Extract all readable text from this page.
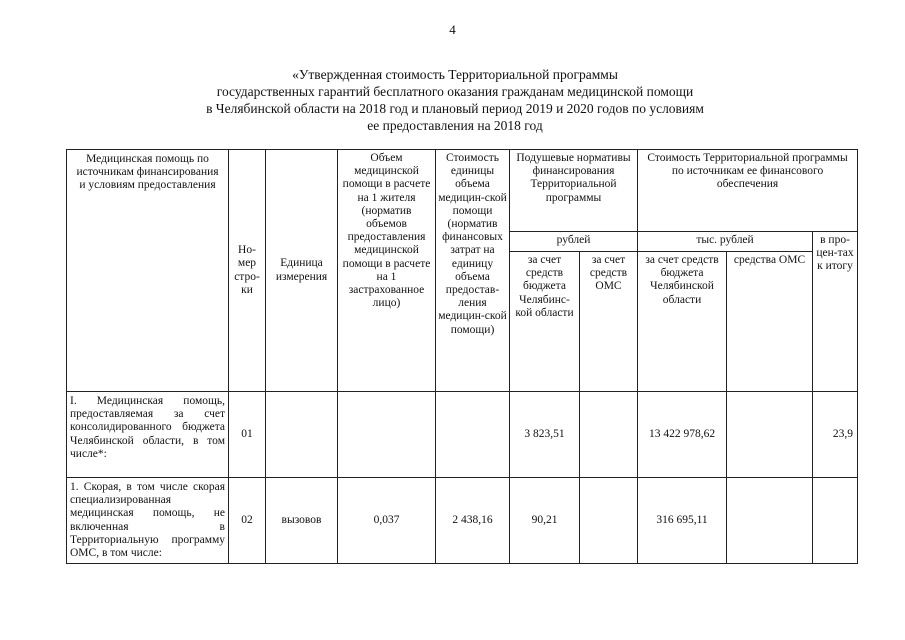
4
«Утвержденная стоимость Территориальной программы
государственных гарантий бесплатного оказания гражданам медицинской помощи
в Челябинской области на 2018 год и плановый период 2019 и 2020 годов по условиям
ее предоставления на 2018 год
Медицинская помощь по источникам финансирования и условиям предоставления	Но-мер стро-ки	Единица измерения	Объем медицинской помощи в расчете на 1 жителя (норматив объемов предоставления медицинской помощи в расчете на 1 застрахованное лицо)	Стоимость единицы объема медицин-ской помощи (норматив финансовых затрат на единицу объема предостав-ления медицин-ской помощи)	Подушевые нормативы финансирования Территориальной программы		Стоимость Территориальной программы по источникам ее финансового обеспечения		
					рублей		тыс. рублей		в про-цен-тах к итогу
					за счет средств бюджета Челябинс-кой области	за счет средств ОМС	за счет средств бюджета Челябинской области	средства ОМС	
I. Медицинская помощь, предоставляемая за счет консолидированного бюджета Челябинской области, в том числе*:	01				3 823,51		13 422 978,62		23,9

1. Скорая, в том числе скорая специализированная медицинская помощь, не включенная в Территориальную программу ОМС, в том числе:	02	вызовов	0,037	2 438,16	90,21		316 695,11		
